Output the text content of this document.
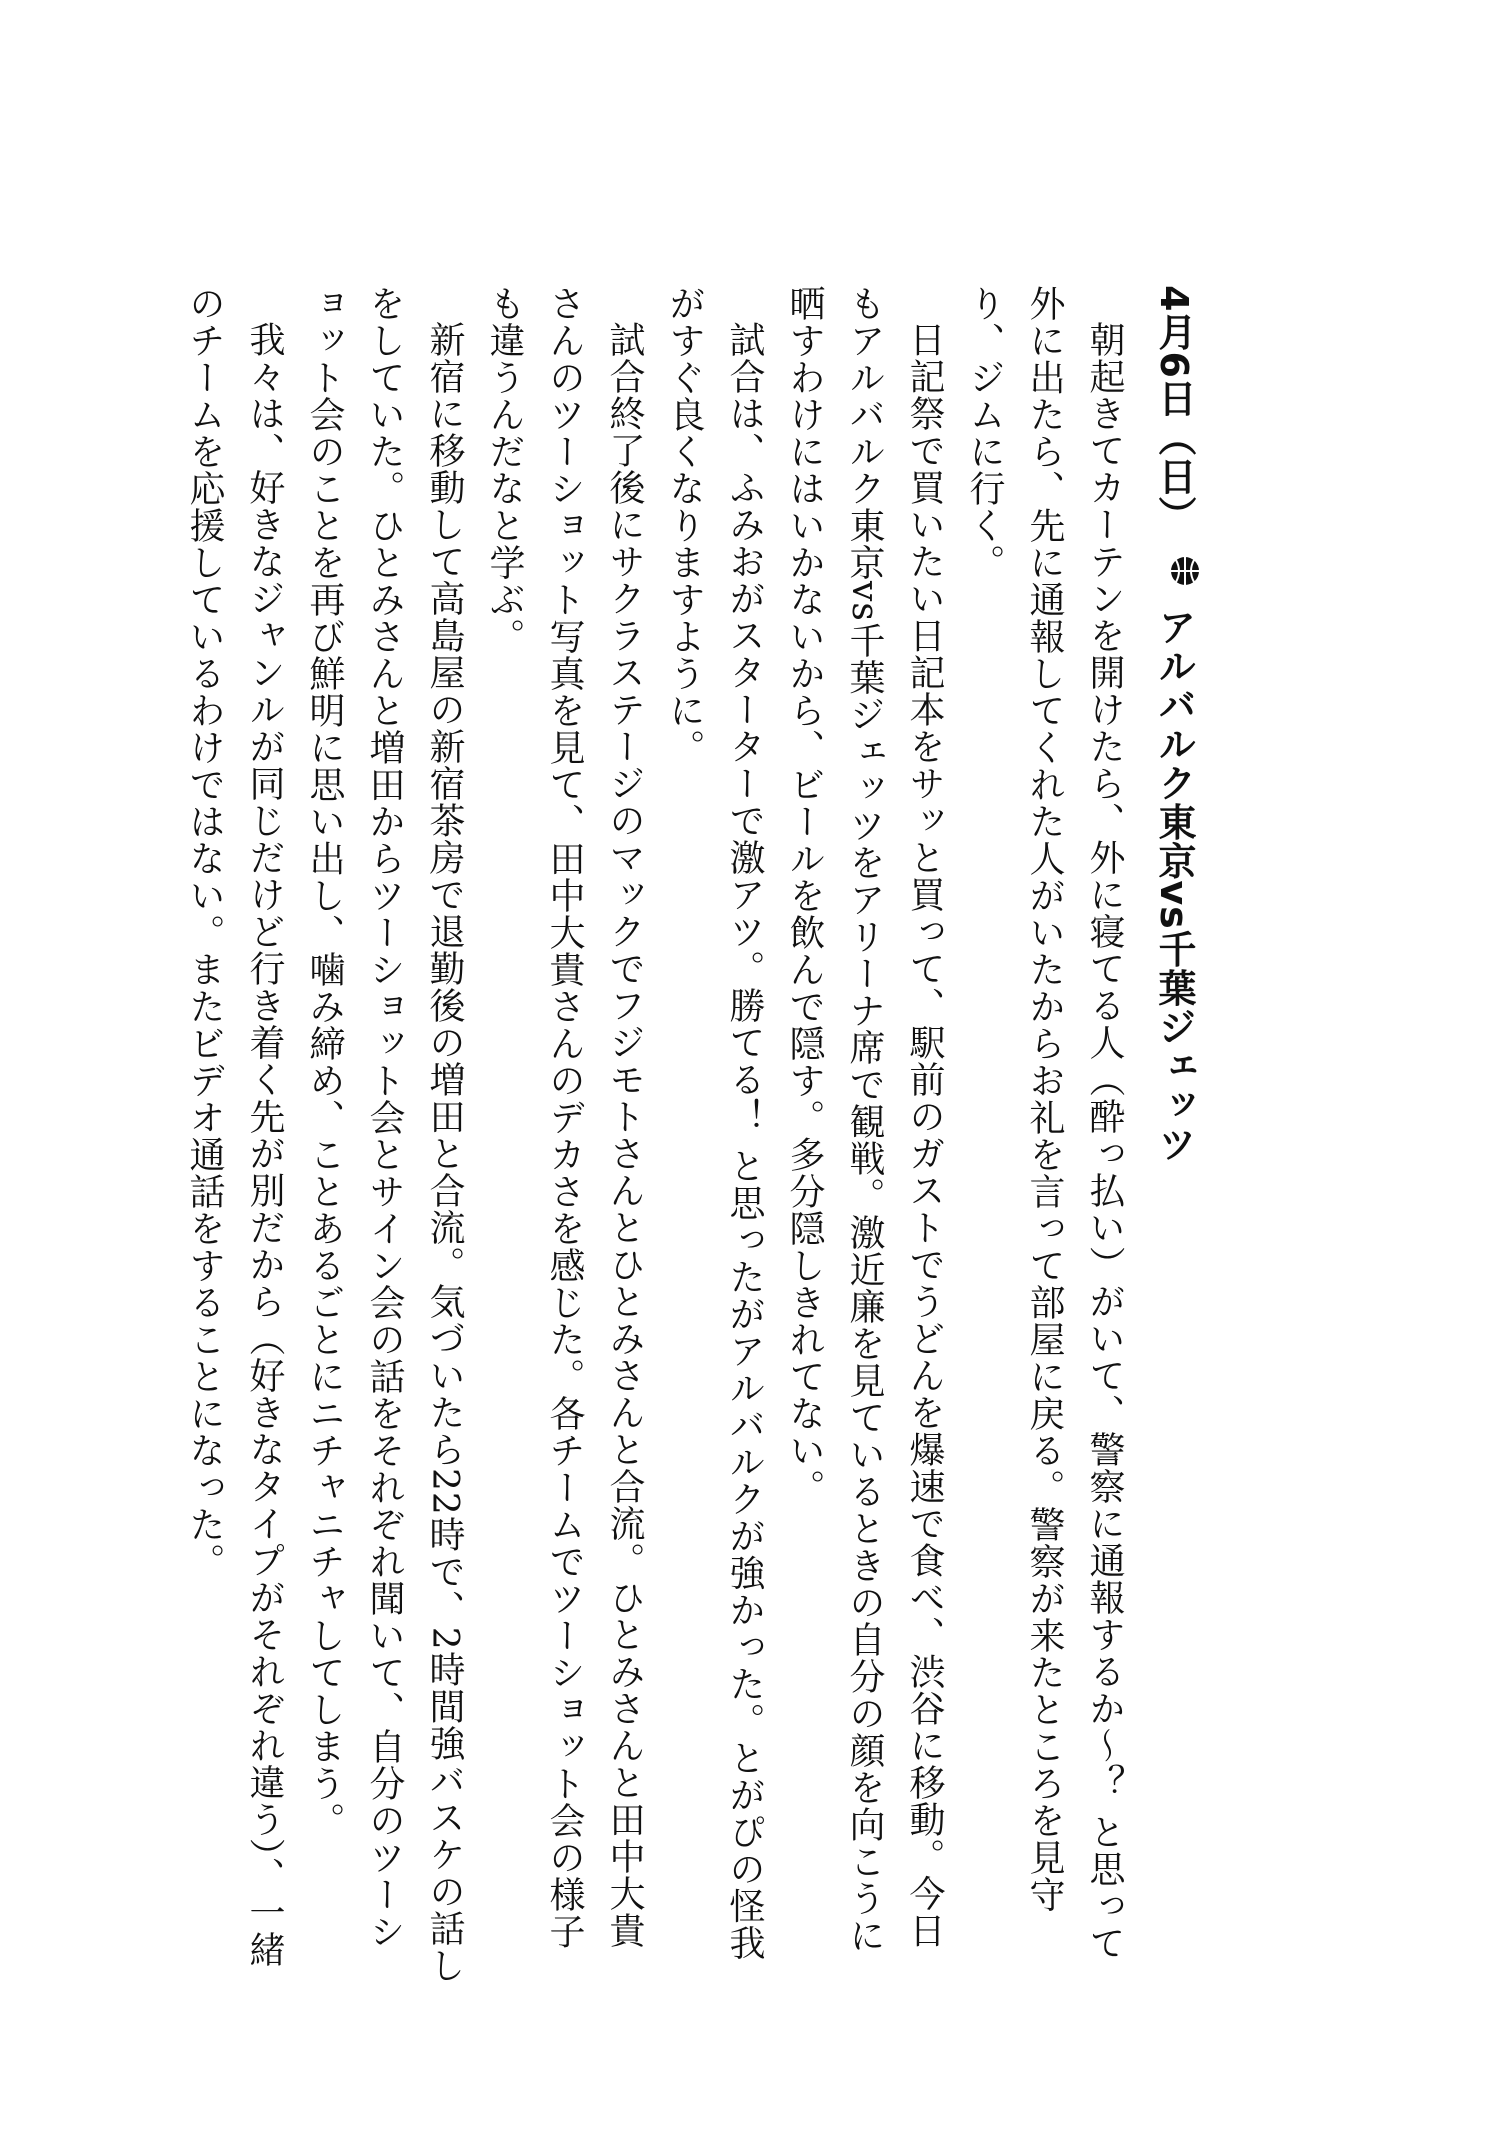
4月6日（日）  アルバルク東京vs千葉ジェッツ

朝起きてカーテンを開けたら、外に寝てる人（酔っ払い）がいて、警察に通報するか〜？ と思って外に出たら、先に通報してくれた人がいたからお礼を言って部屋に戻る。警察が来たところを見守り、ジムに行く。

日記祭で買いたい日記本をサッと買って、駅前のガストでうどんを爆速で食べ、渋谷に移動。今日もアルバルク東京vs千葉ジェッツをアリーナ席で観戦。激近廉を見ているときの自分の顔を向こうに晒すわけにはいかないから、ビールを飲んで隠す。多分隠しきれてない。

試合は、ふみおがスターターで激アツ。勝てる！ と思ったがアルバルクが強かった。とがぴの怪我がすぐ良くなりますように。

試合終了後にサクラステージのマックでフジモトさんとひとみさんと合流。ひとみさんと田中大貴さんのツーショット写真を見て、田中大貴さんのデカさを感じた。各チームでツーショット会の様子も違うんだなと学ぶ。

新宿に移動して高島屋の新宿茶房で退勤後の増田と合流。気づいたら22時で、2時間強バスケの話しをしていた。ひとみさんと増田からツーショット会とサイン会の話をそれぞれ聞いて、自分のツーショット会のことを再び鮮明に思い出し、噛み締め、ことあるごとにニチャニチャしてしまう。

我々は、好きなジャンルが同じだけど行き着く先が別だから（好きなタイプがそれぞれ違う）、一緒のチームを応援しているわけではない。またビデオ通話をすることになった。
